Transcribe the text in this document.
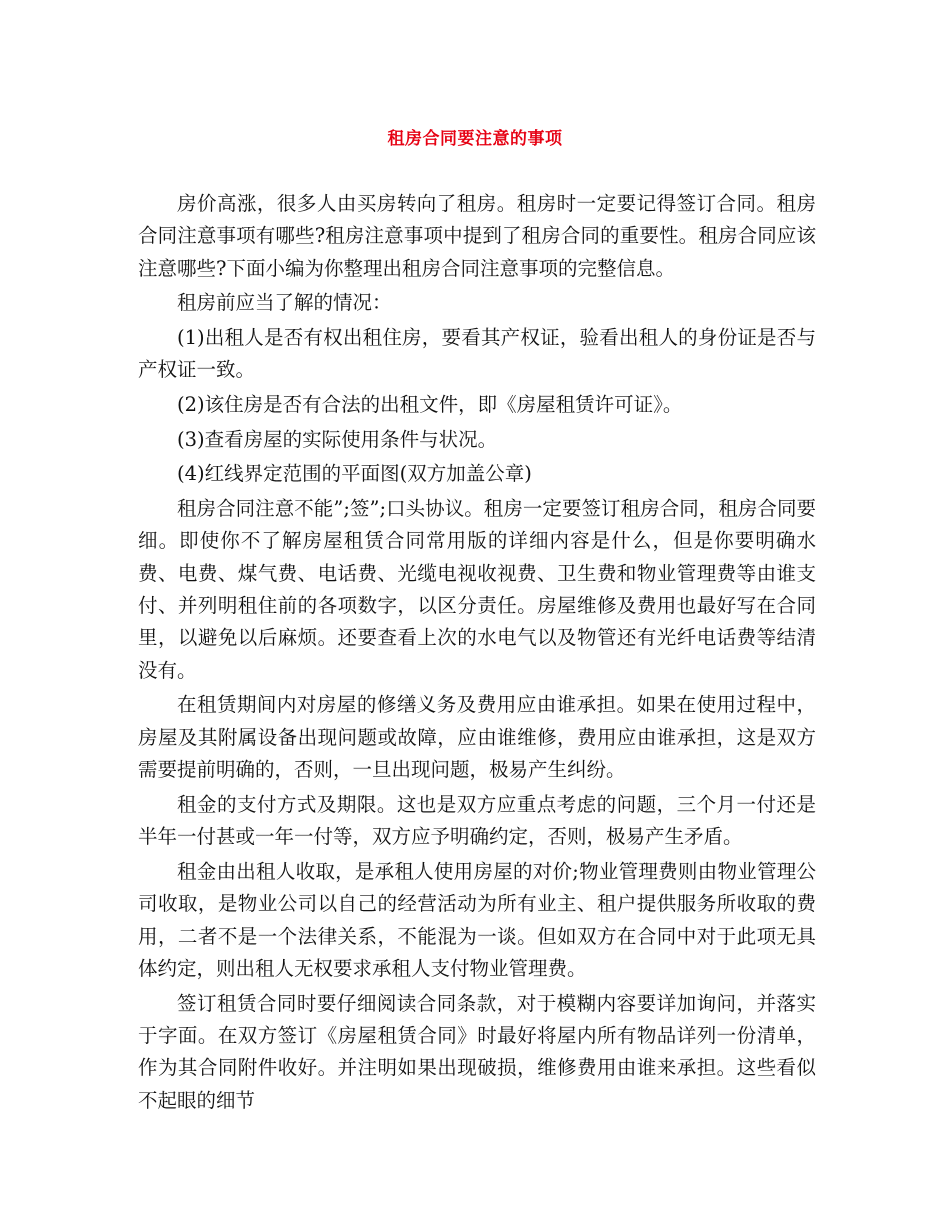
租房合同要注意的事项

房价高涨，很多人由买房转向了租房。租房时一定要记得签订合同。租房合同注意事项有哪些?租房注意事项中提到了租房合同的重要性。租房合同应该注意哪些?下面小编为你整理出租房合同注意事项的完整信息。

租房前应当了解的情况：

(1)出租人是否有权出租住房，要看其产权证，验看出租人的身份证是否与产权证一致。

(2)该住房是否有合法的出租文件，即《房屋租赁许可证》。

(3)查看房屋的实际使用条件与状况。

(4)红线界定范围的平面图(双方加盖公章)

租房合同注意不能”;签”;口头协议。租房一定要签订租房合同，租房合同要细。即使你不了解房屋租赁合同常用版的详细内容是什么，但是你要明确水费、电费、煤气费、电话费、光缆电视收视费、卫生费和物业管理费等由谁支付、并列明租住前的各项数字，以区分责任。房屋维修及费用也最好写在合同里，以避免以后麻烦。还要查看上次的水电气以及物管还有光纤电话费等结清没有。

在租赁期间内对房屋的修缮义务及费用应由谁承担。如果在使用过程中，房屋及其附属设备出现问题或故障，应由谁维修，费用应由谁承担，这是双方需要提前明确的，否则，一旦出现问题，极易产生纠纷。

租金的支付方式及期限。这也是双方应重点考虑的问题，三个月一付还是半年一付甚或一年一付等，双方应予明确约定，否则，极易产生矛盾。

租金由出租人收取，是承租人使用房屋的对价;物业管理费则由物业管理公司收取，是物业公司以自己的经营活动为所有业主、租户提供服务所收取的费用，二者不是一个法律关系，不能混为一谈。但如双方在合同中对于此项无具体约定，则出租人无权要求承租人支付物业管理费。

签订租赁合同时要仔细阅读合同条款，对于模糊内容要详加询问，并落实于字面。在双方签订《房屋租赁合同》时最好将屋内所有物品详列一份清单，作为其合同附件收好。并注明如果出现破损，维修费用由谁来承担。这些看似不起眼的细节
